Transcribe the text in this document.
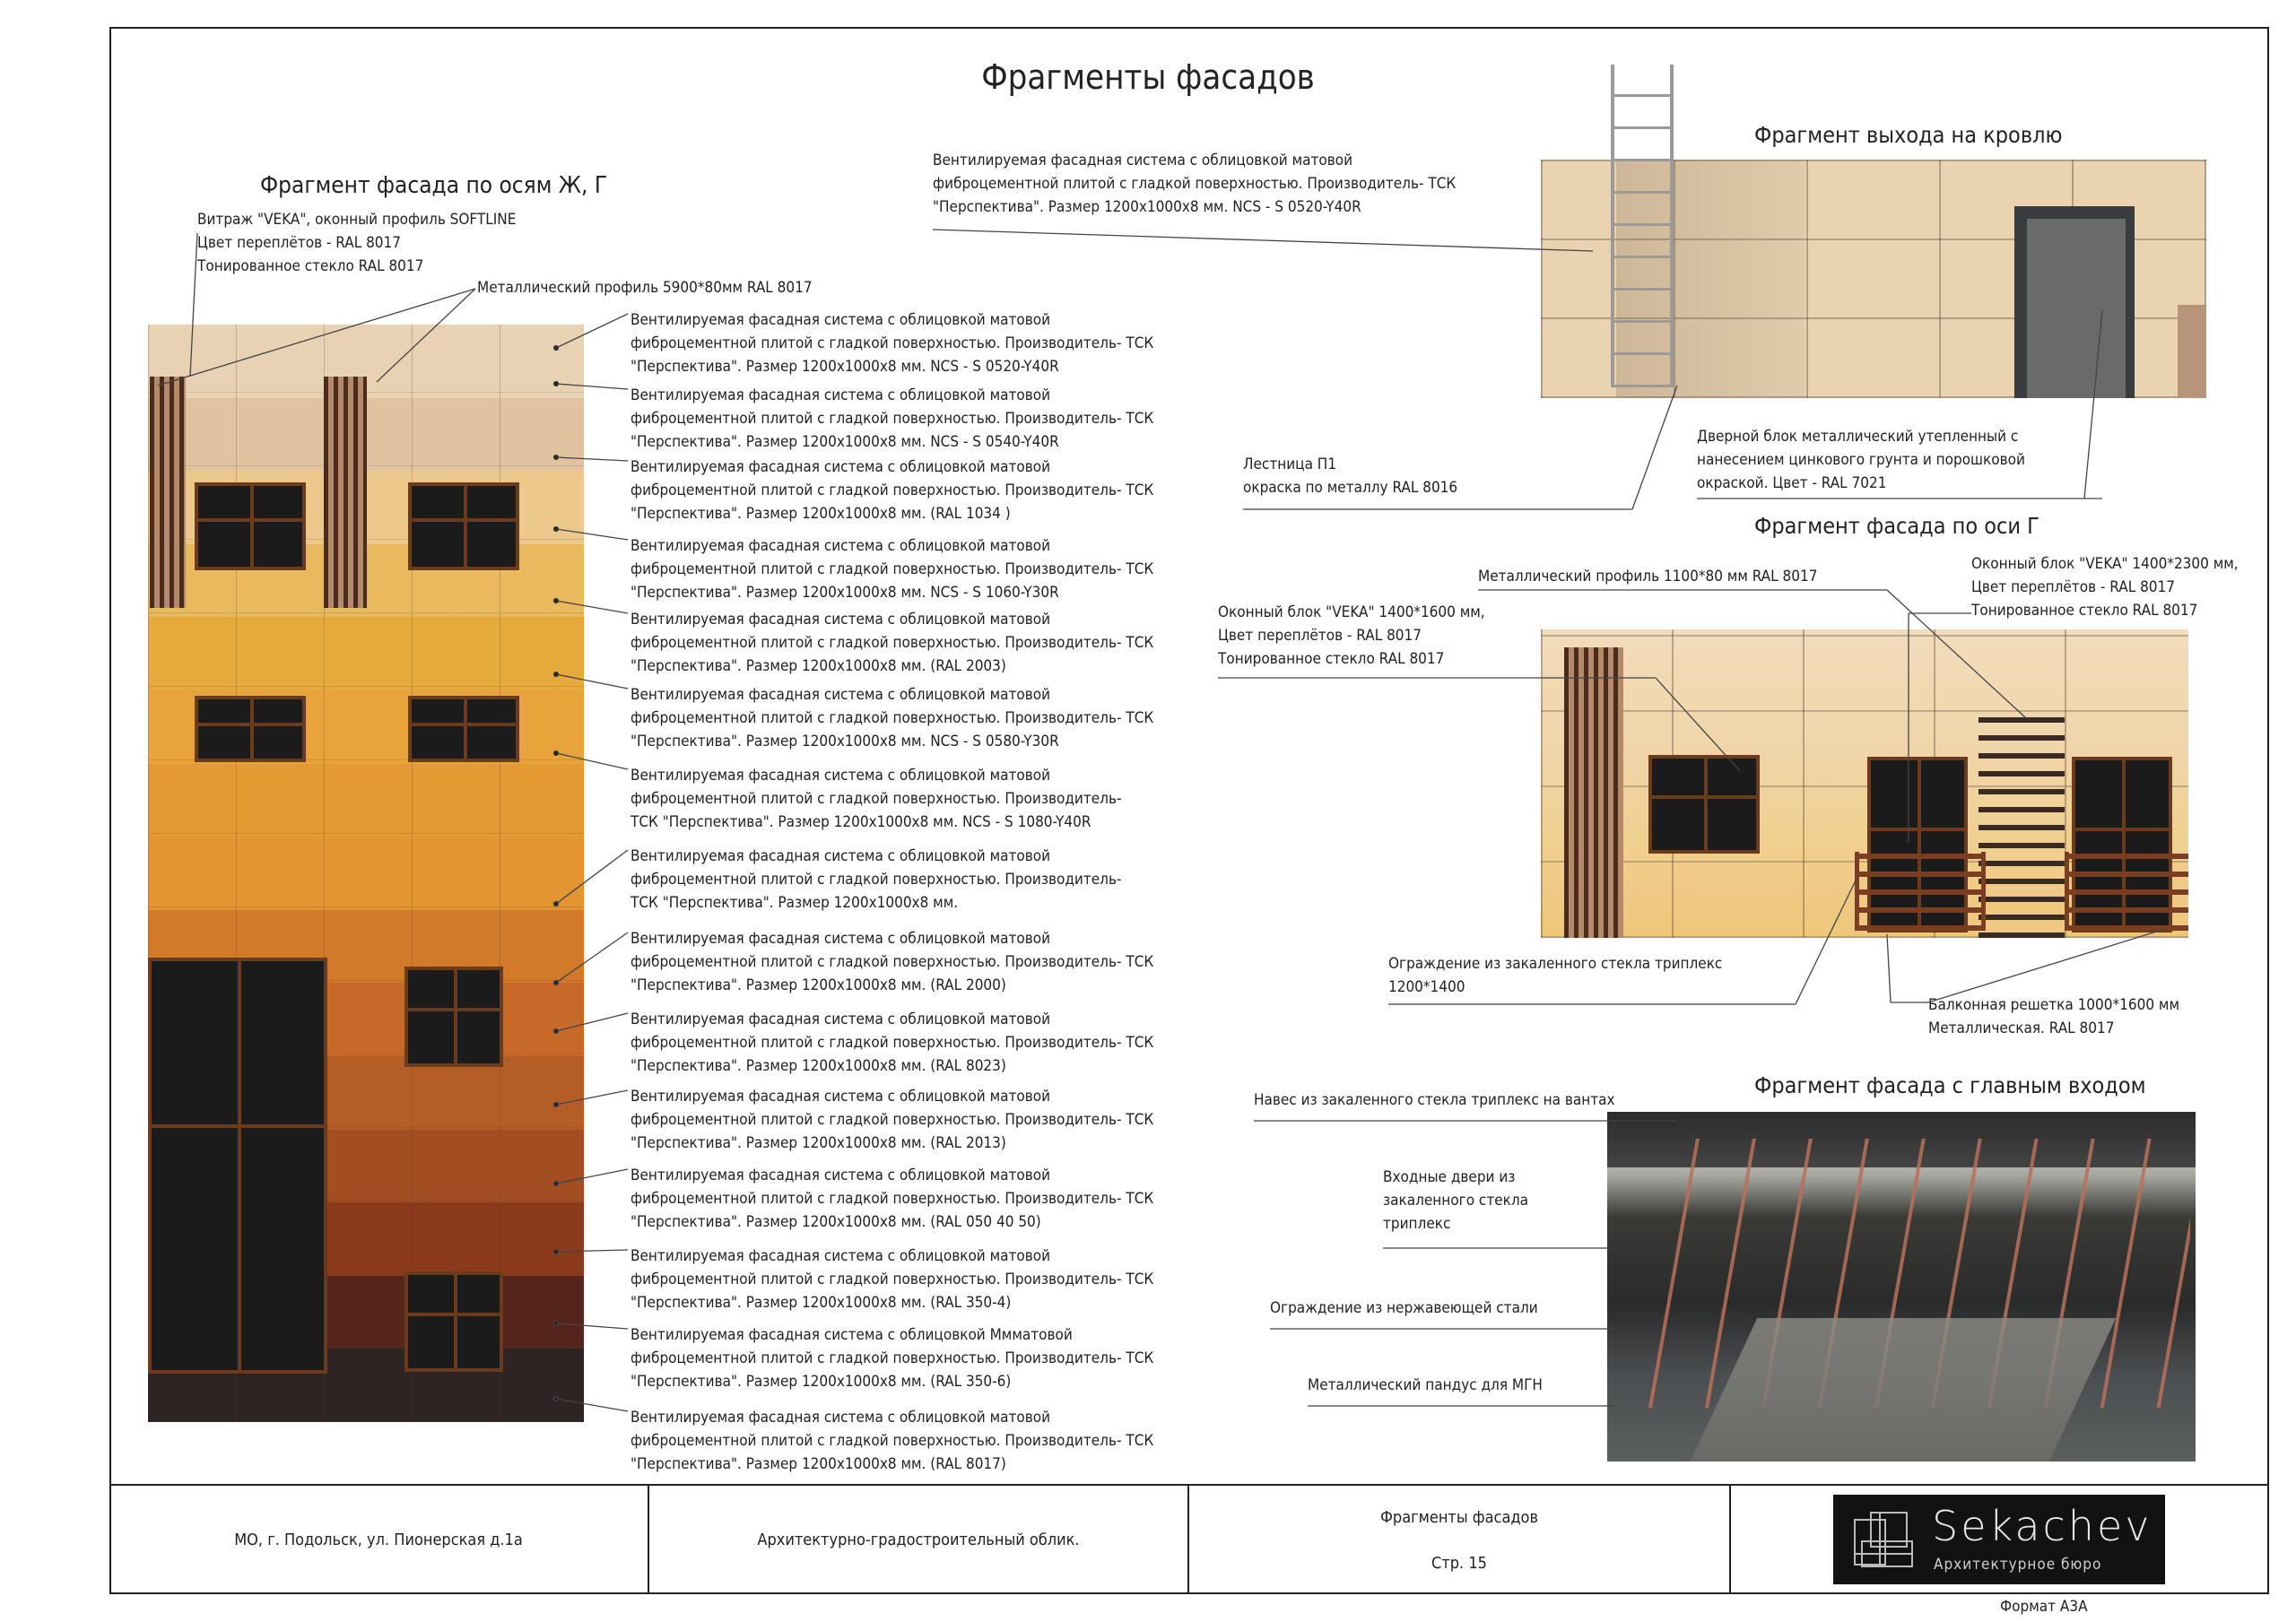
Фрагменты фасадов
Фрагмент фасада по осям Ж, Г
Витраж "VEKA", оконный профиль SOFTLINE
Цвет переплётов - RAL 8017
Тонированное стекло RAL 8017
Металлический профиль 5900*80мм RAL 8017
Вентилируемая фасадная система с облицовкой матовой
фиброцементной плитой с гладкой поверхностью. Производитель- ТСК
"Перспектива". Размер 1200x1000x8 мм. NCS - S 0520-Y40R
Вентилируемая фасадная система с облицовкой матовой
фиброцементной плитой с гладкой поверхностью. Производитель- ТСК
"Перспектива". Размер 1200x1000x8 мм. NCS - S 0540-Y40R
Вентилируемая фасадная система с облицовкой матовой
фиброцементной плитой с гладкой поверхностью. Производитель- ТСК
"Перспектива". Размер 1200x1000x8 мм. (RAL 1034 )
Вентилируемая фасадная система с облицовкой матовой
фиброцементной плитой с гладкой поверхностью. Производитель- ТСК
"Перспектива". Размер 1200x1000x8 мм. NCS - S 1060-Y30R
Вентилируемая фасадная система с облицовкой матовой
фиброцементной плитой с гладкой поверхностью. Производитель- ТСК
"Перспектива". Размер 1200x1000x8 мм. (RAL 2003)
Вентилируемая фасадная система с облицовкой матовой
фиброцементной плитой с гладкой поверхностью. Производитель- ТСК
"Перспектива". Размер 1200x1000x8 мм. NCS - S 0580-Y30R
Вентилируемая фасадная система с облицовкой матовой
фиброцементной плитой с гладкой поверхностью. Производитель-
ТСК "Перспектива". Размер 1200x1000x8 мм. NCS - S 1080-Y40R
Вентилируемая фасадная система с облицовкой матовой
фиброцементной плитой с гладкой поверхностью. Производитель-
ТСК "Перспектива". Размер 1200x1000x8 мм.
Вентилируемая фасадная система с облицовкой матовой
фиброцементной плитой с гладкой поверхностью. Производитель- ТСК
"Перспектива". Размер 1200x1000x8 мм. (RAL 2000)
Вентилируемая фасадная система с облицовкой матовой
фиброцементной плитой с гладкой поверхностью. Производитель- ТСК
"Перспектива". Размер 1200x1000x8 мм. (RAL 8023)
Вентилируемая фасадная система с облицовкой матовой
фиброцементной плитой с гладкой поверхностью. Производитель- ТСК
"Перспектива". Размер 1200x1000x8 мм. (RAL 2013)
Вентилируемая фасадная система с облицовкой матовой
фиброцементной плитой с гладкой поверхностью. Производитель- ТСК
"Перспектива". Размер 1200x1000x8 мм. (RAL 050 40 50)
Вентилируемая фасадная система с облицовкой матовой
фиброцементной плитой с гладкой поверхностью. Производитель- ТСК
"Перспектива". Размер 1200x1000x8 мм. (RAL 350-4)
Вентилируемая фасадная система с облицовкой Ммматовой
фиброцементной плитой с гладкой поверхностью. Производитель- ТСК
"Перспектива". Размер 1200x1000x8 мм. (RAL 350-6)
Вентилируемая фасадная система с облицовкой матовой
фиброцементной плитой с гладкой поверхностью. Производитель- ТСК
"Перспектива". Размер 1200x1000x8 мм. (RAL 8017)
Вентилируемая фасадная система с облицовкой матовой
фиброцементной плитой с гладкой поверхностью. Производитель- ТСК
"Перспектива". Размер 1200x1000x8 мм. NCS - S 0520-Y40R
Фрагмент выхода на кровлю
Лестница П1
окраска по металлу RAL 8016
Дверной блок металлический утепленный с
нанесением цинкового грунта и порошковой
окраской. Цвет - RAL 7021
Фрагмент фасада по оси Г
Металлический профиль 1100*80 мм RAL 8017
Оконный блок "VEKA" 1400*2300 мм,
Цвет переплётов - RAL 8017
Тонированное стекло RAL 8017
Оконный блок "VEKA" 1400*1600 мм,
Цвет переплётов - RAL 8017
Тонированное стекло RAL 8017
Ограждение из закаленного стекла триплекс
1200*1400
Балконная решетка 1000*1600 мм
Металлическая. RAL 8017
Фрагмент фасада с главным входом
Навес из закаленного стекла триплекс на вантах
Входные двери из
закаленного стекла
триплекс
Ограждение из нержавеющей стали
Металлический пандус для МГН
МО, г. Подольск, ул. Пионерская д.1а	Архитектурно-градостроительный облик.
Фрагменты фасадов
Стр. 15
Sekachev
Архитектурное бюро
Формат А3А
